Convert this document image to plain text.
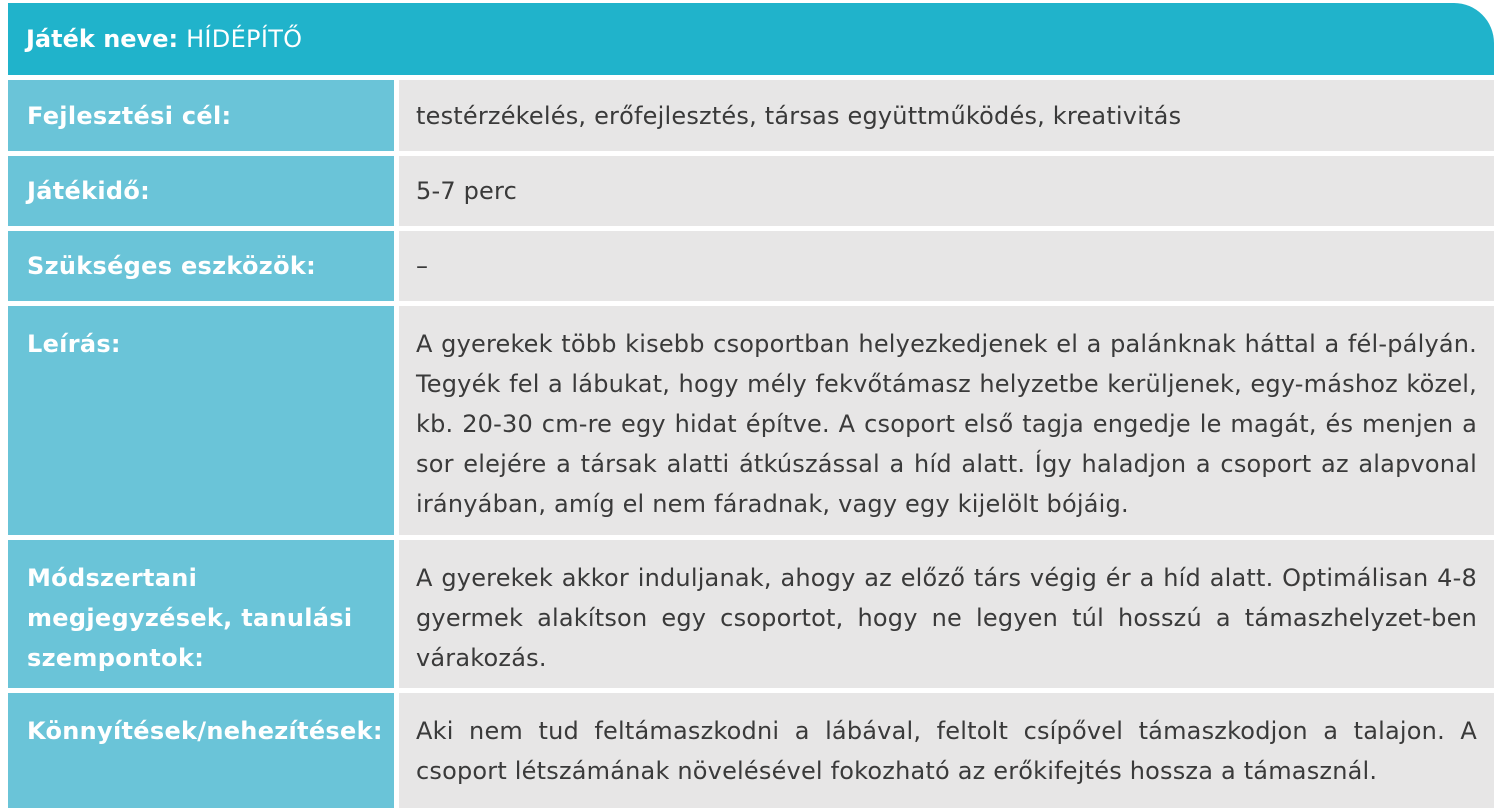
Játék neve: HÍDÉPÍTŐ
Fejlesztési cél:	testérzékelés, erőfejlesztés, társas együttműködés, kreativitás
Játékidő:	5-7 perc
Szükséges eszközök:	–
Leírás:	A gyerekek több kisebb csoportban helyezkedjenek el a palánknak háttal a fél-pályán. Tegyék fel a lábukat, hogy mély fekvőtámasz helyzetbe kerüljenek, egy-máshoz közel, kb. 20-30 cm-re egy hidat építve. A csoport első tagja engedje le magát, és menjen a sor elejére a társak alatti átkúszással a híd alatt. Így haladjon a csoport az alapvonal irányában, amíg el nem fáradnak, vagy egy kijelölt bójáig.
Módszertani megjegyzések, tanulási szempontok:
A gyerekek akkor induljanak, ahogy az előző társ végig ér a híd alatt. Optimálisan 4-8 gyermek alakítson egy csoportot, hogy ne legyen túl hosszú a támaszhelyzet-ben várakozás.
Könnyítések/nehezítések:	Aki nem tud feltámaszkodni a lábával, feltolt csípővel támaszkodjon a talajon. A csoport létszámának növelésével fokozható az erőkifejtés hossza a támasznál.
